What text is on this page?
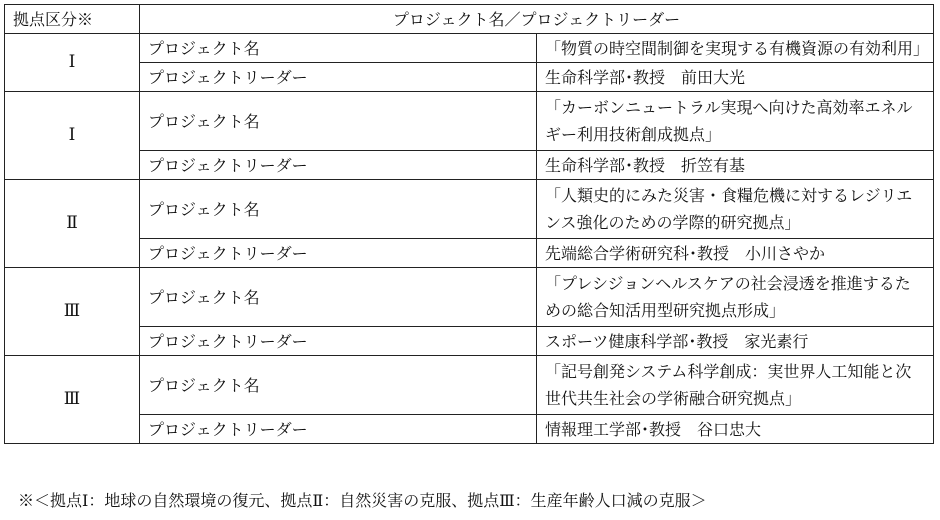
拠点区分※	プロジェクト名／プロジェクトリーダー	
Ⅰ	プロジェクト名	「物質の時空間制御を実現する有機資源の有効利用」
	プロジェクトリーダー	生命科学部･教授　前田大光
Ⅰ	プロジェクト名	「カーボンニュートラル実現へ向けた高効率エネルギー利用技術創成拠点」
	プロジェクトリーダー	生命科学部･教授　折笠有基
Ⅱ	プロジェクト名	「人類史的にみた災害・食糧危機に対するレジリエンス強化のための学際的研究拠点」
	プロジェクトリーダー	先端総合学術研究科･教授　小川さやか
Ⅲ	プロジェクト名	「プレシジョンヘルスケアの社会浸透を推進するための総合知活用型研究拠点形成」
	プロジェクトリーダー	スポーツ健康科学部･教授　家光素行
Ⅲ	プロジェクト名	「記号創発システム科学創成：実世界人工知能と次世代共生社会の学術融合研究拠点」
	プロジェクトリーダー	情報理工学部･教授　谷口忠大
※＜拠点Ⅰ：地球の自然環境の復元、拠点Ⅱ：自然災害の克服、拠点Ⅲ：生産年齢人口減の克服＞
